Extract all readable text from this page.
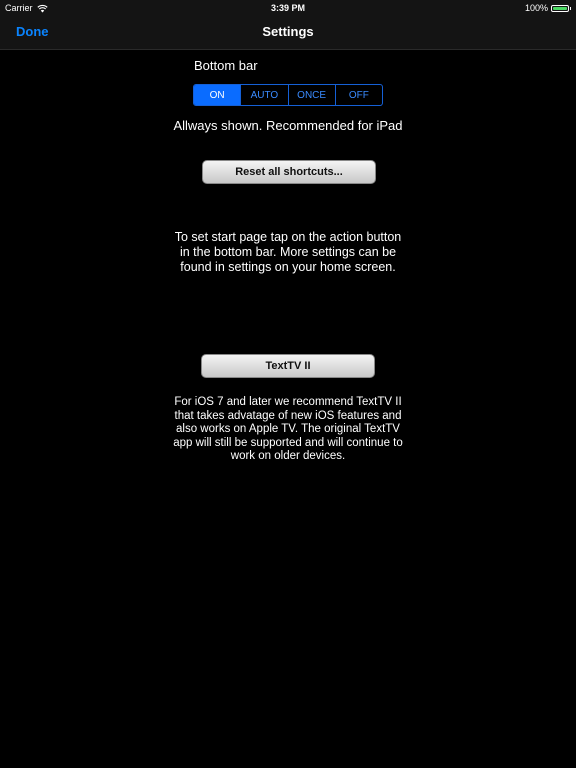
Carrier	3:39 PM	100%
Done	Settings
Bottom bar
ON	AUTO	ONCE	OFF
Allways shown. Recommended for iPad
Reset all shortcuts...
To set start page tap on the action button in the bottom bar. More settings can be found in settings on your home screen.
TextTV II
For iOS 7 and later we recommend TextTV II that takes advatage of new iOS features and also works on Apple TV. The original TextTV app will still be supported and will continue to work on older devices.
